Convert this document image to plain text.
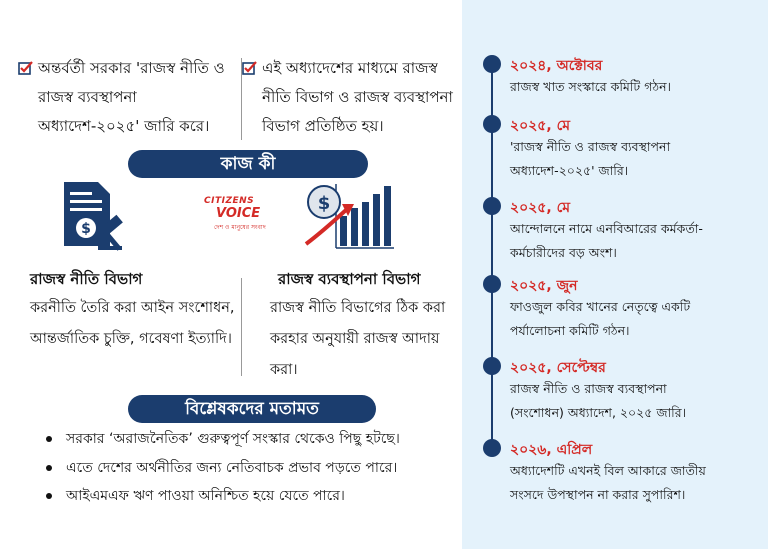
অন্তর্বর্তী সরকার 'রাজস্ব নীতি ও রাজস্ব ব্যবস্থাপনা অধ্যাদেশ-২০২৫' জারি করে।
এই অধ্যাদেশের মাধ্যমে রাজস্ব নীতি বিভাগ ও রাজস্ব ব্যবস্থাপনা বিভাগ প্রতিষ্ঠিত হয়।
কাজ কী
$
CITIZENS
VOICE
দেশ ও মানুষের সংবাদ
$
রাজস্ব নীতি বিভাগ
করনীতি তৈরি করা আইন সংশোধন, আন্তর্জাতিক চুক্তি, গবেষণা ইত্যাদি।
রাজস্ব ব্যবস্থাপনা বিভাগ
রাজস্ব নীতি বিভাগের ঠিক করা করহার অনুযায়ী রাজস্ব আদায় করা।
বিশ্লেষকদের মতামত
সরকার ‘অরাজনৈতিক’ গুরুত্বপূর্ণ সংস্কার থেকেও পিছু হটছে।
এতে দেশের অর্থনীতির জন্য নেতিবাচক প্রভাব পড়তে পারে।
আইএমএফ ঋণ পাওয়া অনিশ্চিত হয়ে যেতে পারে।
২০২৪, অক্টোবর
রাজস্ব খাত সংস্কারে কমিটি গঠন।
২০২৫, মে
'রাজস্ব নীতি ও রাজস্ব ব্যবস্থাপনা অধ্যাদেশ-২০২৫' জারি।
২০২৫, মে
আন্দোলনে নামে এনবিআরের কর্মকর্তা-কর্মচারীদের বড় অংশ।
২০২৫, জুন
ফাওজুল কবির খানের নেতৃত্বে একটি পর্যালোচনা কমিটি গঠন।
২০২৫, সেপ্টেম্বর
রাজস্ব নীতি ও রাজস্ব ব্যবস্থাপনা (সংশোধন) অধ্যাদেশ, ২০২৫ জারি।
২০২৬, এপ্রিল
অধ্যাদেশটি এখনই বিল আকারে জাতীয় সংসদে উপস্থাপন না করার সুপারিশ।
